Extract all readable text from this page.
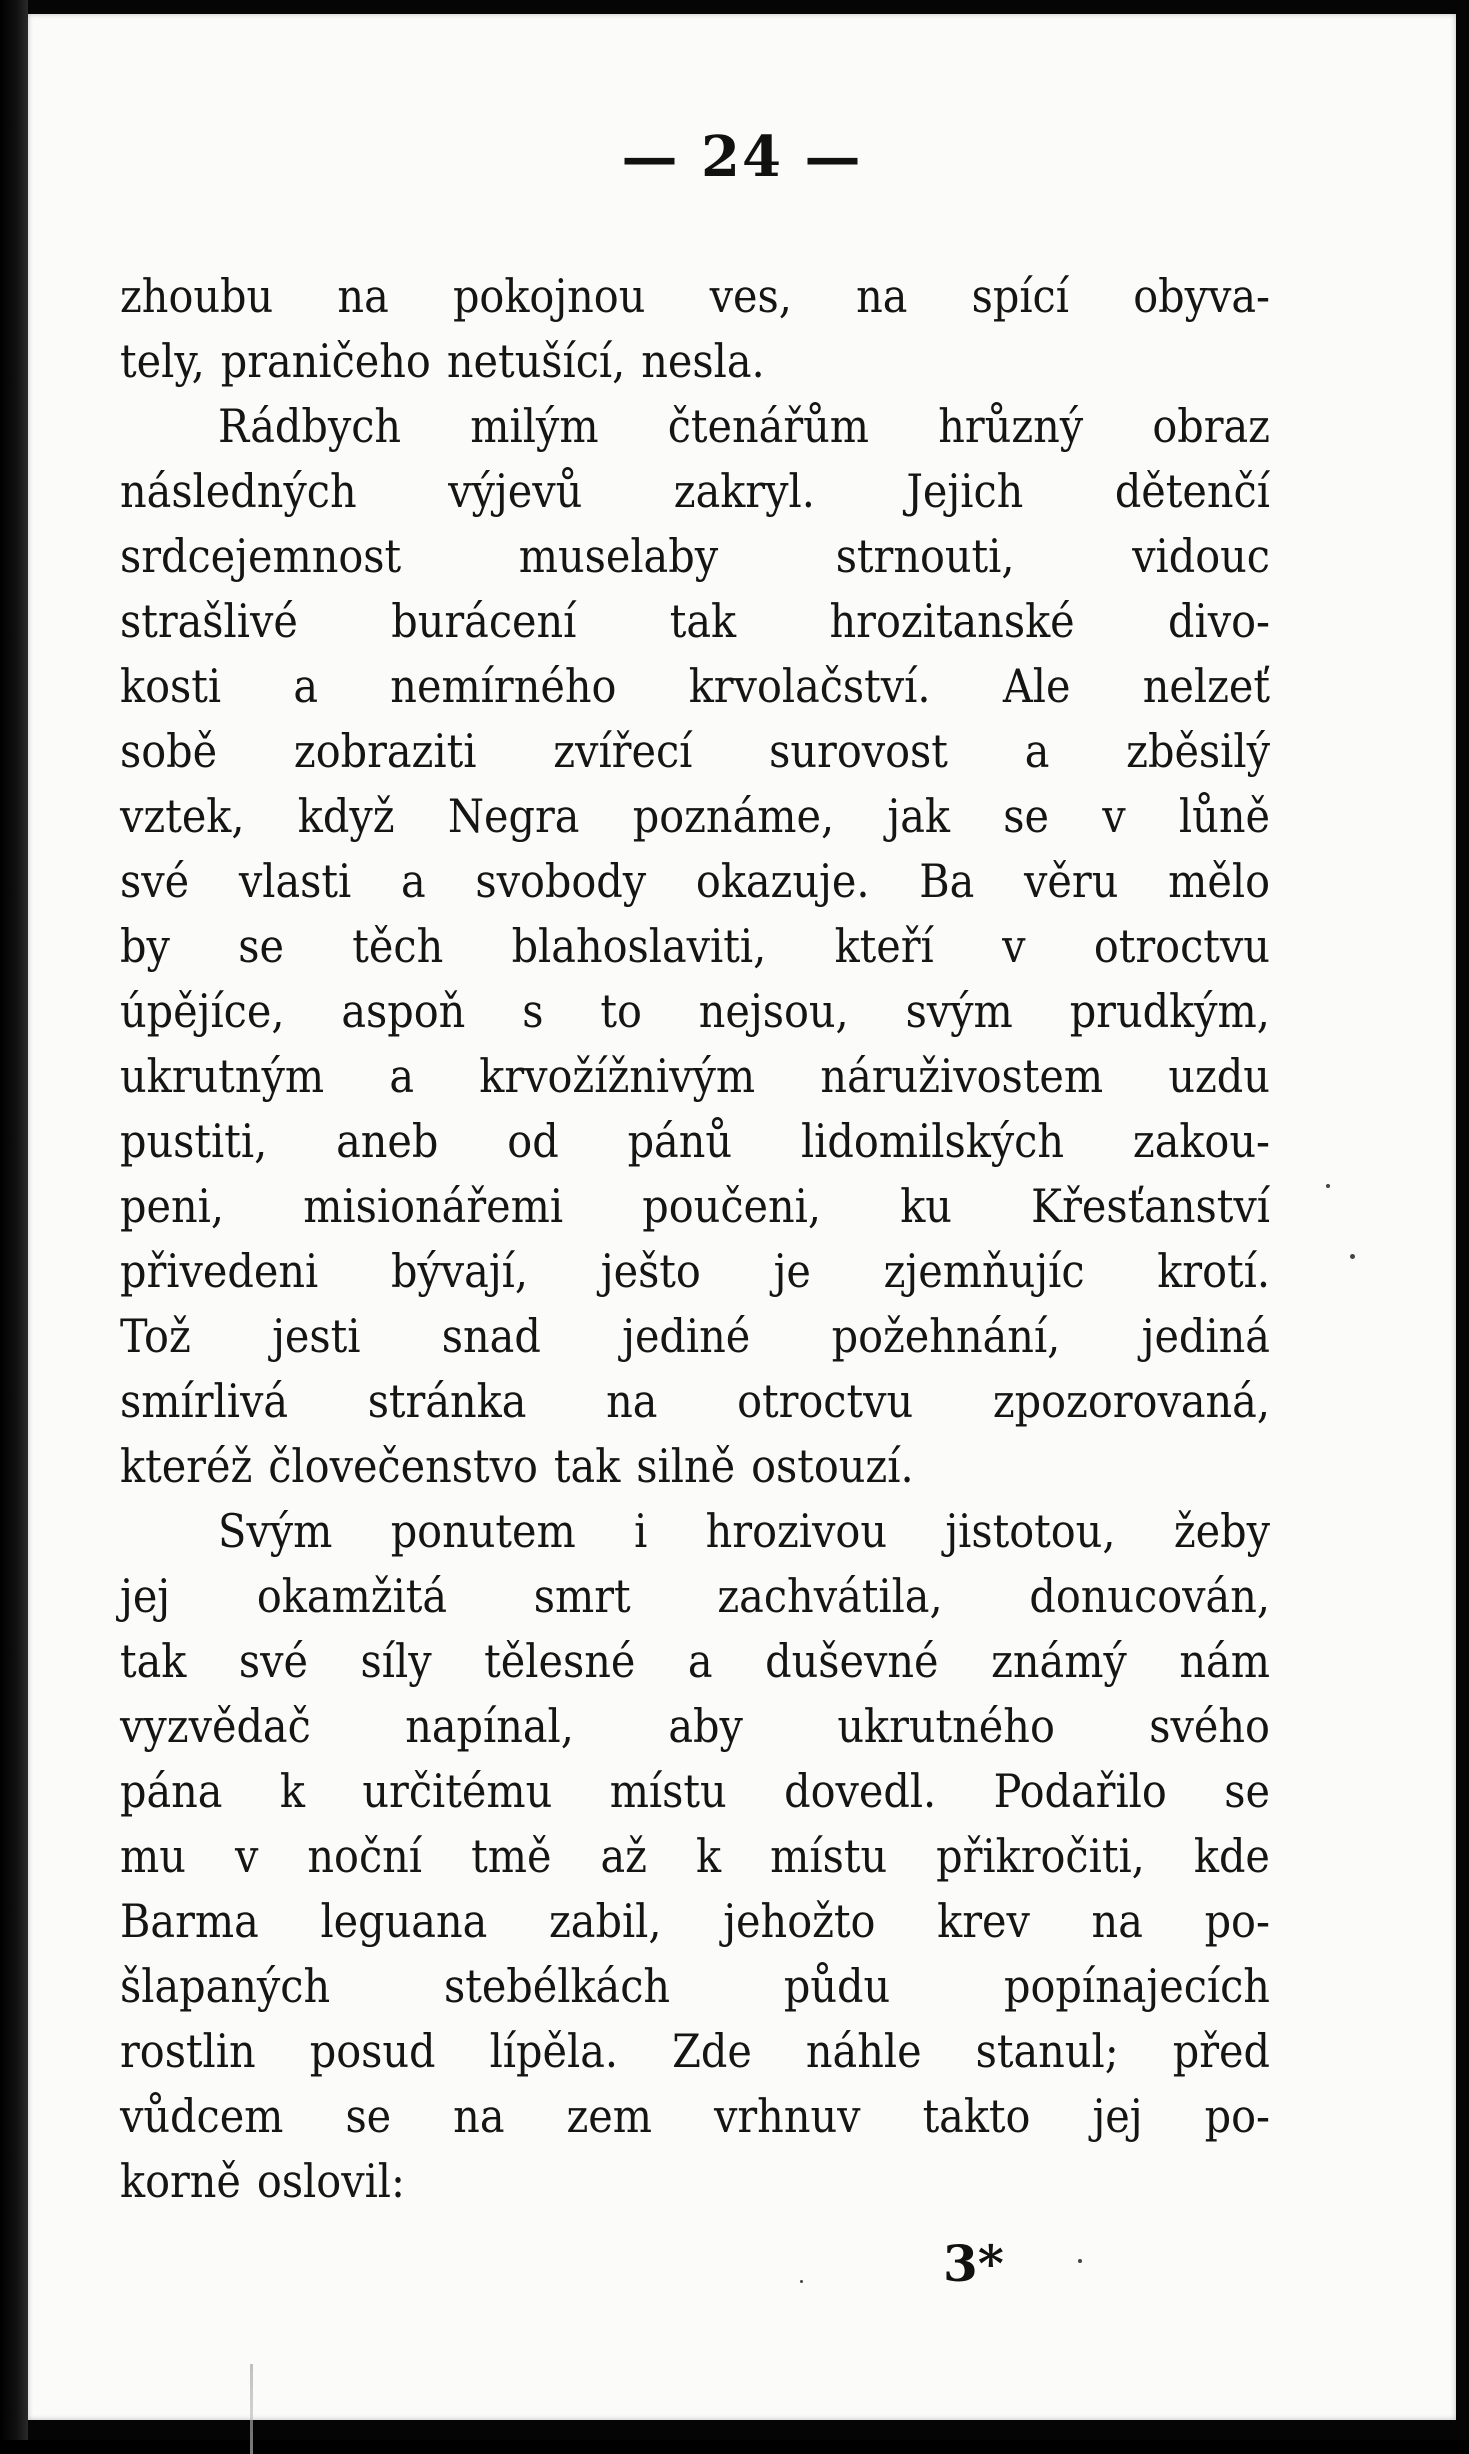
— 24 —
zhoubu na pokojnou ves, na spící obyva-
tely, praničeho netušící, nesla.
Rádbych milým čtenářům hrůzný obraz
následných výjevů zakryl. Jejich dětenčí
srdcejemnost	muselaby	strnouti,	vidouc
strašlivé burácení tak hrozitanské divo-
kosti a nemírného krvolačství. Ale nelzeť
sobě zobraziti zvířecí surovost a zběsilý
vztek, když Negra poznáme, jak se v lůně
své vlasti a svobody okazuje. Ba věru mělo
by se těch blahoslaviti, kteří v otroctvu
úpějíce, aspoň s to nejsou, svým prudkým,
ukrutným a krvožížnivým náruživostem uzdu
pustiti, aneb od pánů lidomilských zakou-
peni, misionářemi poučeni, ku Křesťanství
přivedeni bývají, ješto je zjemňujíc krotí.
Tož jesti snad jediné požehnání, jediná
smírlivá stránka na otroctvu zpozorovaná,
kteréž človečenstvo tak silně ostouzí.
Svým ponutem i hrozivou jistotou, žeby
jej okamžitá smrt zachvátila, donucován,
tak své síly tělesné a duševné známý nám
vyzvědač napínal, aby ukrutného svého
pána k určitému místu dovedl. Podařilo se
mu v noční tmě až k místu přikročiti, kde
Barma leguana zabil, jehožto krev na po-
šlapaných stebélkách půdu popínajecích
rostlin posud lípěla. Zde náhle stanul; před
vůdcem se na zem vrhnuv takto jej po-
korně oslovil:
3*
